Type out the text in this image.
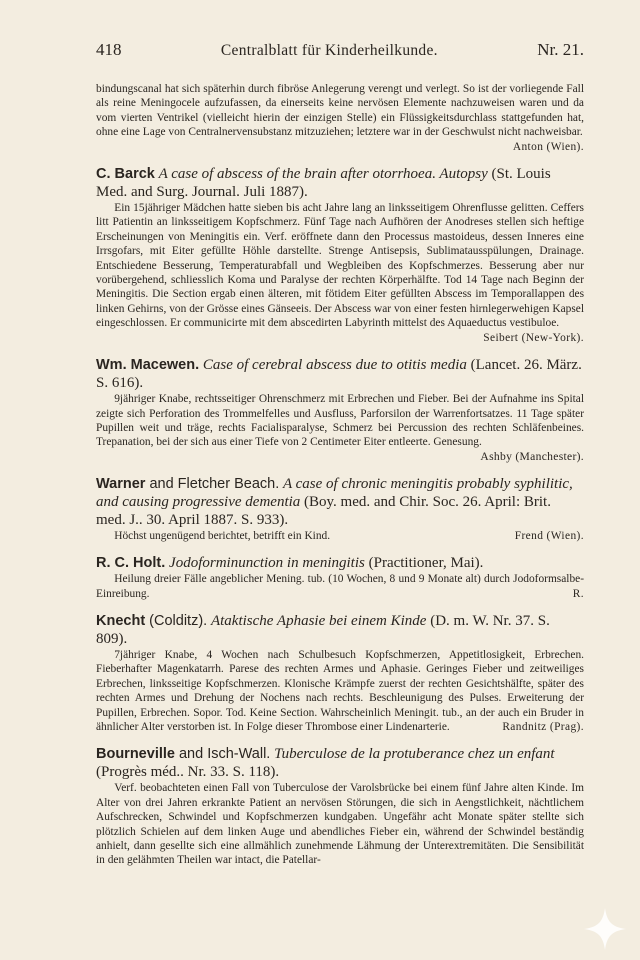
418	Centralblatt für Kinderheilkunde.	Nr. 21.
bindungscanal hat sich späterhin durch fibröse Anlegerung verengt und verlegt. So ist der vorliegende Fall als reine Meningocele aufzufassen, da einerseits keine nervösen Elemente nachzuweisen waren und da vom vierten Ventrikel (vielleicht hierin der einzigen Stelle) ein Flüssigkeitsdurchlass stattgefunden hat, ohne eine Lage von Centralnervensubstanz mitzuziehen; letztere war in der Geschwulst nicht nachweisbar.
Anton (Wien).
C. Barck A case of abscess of the brain after otorrhoea. Autopsy (St. Louis Med. and Surg. Journal. Juli 1887).
Ein 15jähriger Mädchen hatte sieben bis acht Jahre lang an linksseitigem Ohrenflusse gelitten. Ceffers litt Patientin an linksseitigem Kopfschmerz. Fünf Tage nach Aufhören der Anodreses stellen sich heftige Erscheinungen von Meningitis ein. Verf. eröffnete dann den Processus mastoideus, dessen Inneres eine Irrsgofars, mit Eiter gefüllte Höhle darstellte. Strenge Antisepsis, Sublimatausspülungen, Drainage. Entschiedene Besserung, Temperaturabfall und Wegbleiben des Kopfschmerzes. Besserung aber nur vorübergehend, schliesslich Koma und Paralyse der rechten Körperhälfte. Tod 14 Tage nach Beginn der Meningitis. Die Section ergab einen älteren, mit fötidem Eiter gefüllten Abscess im Temporallappen des linken Gehirns, von der Grösse eines Gänseeis. Der Abscess war von einer festen hirnlegerwehigen Kapsel eingeschlossen. Er communicirte mit dem abscedirten Labyrinth mittelst des Aquaeductus vestibuloe.
Seibert (New-York).
Wm. Macewen. Case of cerebral abscess due to otitis media (Lancet. 26. März. S. 616).
9jähriger Knabe, rechtsseitiger Ohrenschmerz mit Erbrechen und Fieber. Bei der Aufnahme ins Spital zeigte sich Perforation des Trommelfelles und Ausfluss, Parforsilon der Warrenfortsatzes. 11 Tage später Pupillen weit und träge, rechts Facialisparalyse, Schmerz bei Percussion des rechten Schläfenbeines. Trepanation, bei der sich aus einer Tiefe von 2 Centimeter Eiter entleerte. Genesung.
Ashby (Manchester).
Warner and Fletcher Beach. A case of chronic meningitis probably syphilitic, and causing progressive dementia (Boy. med. and Chir. Soc. 26. April: Brit. med. J.. 30. April 1887. S. 933).
Höchst ungenügend berichtet, betrifft ein Kind.	Frend (Wien).
R. C. Holt. Jodoforminunction in meningitis (Practitioner, Mai).
Heilung dreier Fälle angeblicher Mening. tub. (10 Wochen, 8 und 9 Monate alt) durch Jodoformsalbe-Einreibung.	R.
Knecht (Colditz). Ataktische Aphasie bei einem Kinde (D. m. W. Nr. 37. S. 809).
7jähriger Knabe, 4 Wochen nach Schulbesuch Kopfschmerzen, Appetitlosigkeit, Erbrechen. Fieberhafter Magenkatarrh. Parese des rechten Armes und Aphasie. Geringes Fieber und zeitweiliges Erbrechen, linksseitige Kopfschmerzen. Klonische Krämpfe zuerst der rechten Gesichtshälfte, später des rechten Armes und Drehung der Nochens nach rechts. Beschleunigung des Pulses. Erweiterung der Pupillen, Erbrechen. Sopor. Tod. Keine Section. Wahrscheinlich Meningit. tub., an der auch ein Bruder in ähnlicher Alter verstorben ist. In Folge dieser Thrombose einer Lindenarterie.	Randnitz (Prag).
Bourneville and Isch-Wall. Tuberculose de la protuberance chez un enfant (Progrès méd.. Nr. 33. S. 118).
Verf. beobachteten einen Fall von Tuberculose der Varolsbrücke bei einem fünf Jahre alten Kinde. Im Alter von drei Jahren erkrankte Patient an nervösen Störungen, die sich in Aengstlichkeit, nächtlichem Aufschrecken, Schwindel und Kopfschmerzen kundgaben. Ungefähr acht Monate später stellte sich plötzlich Schielen auf dem linken Auge und abendliches Fieber ein, während der Schwindel beständig anhielt, dann gesellte sich eine allmählich zunehmende Lähmung der Unterextremitäten. Die Sensibilität in den gelähmten Theilen war intact, die Patellar-
